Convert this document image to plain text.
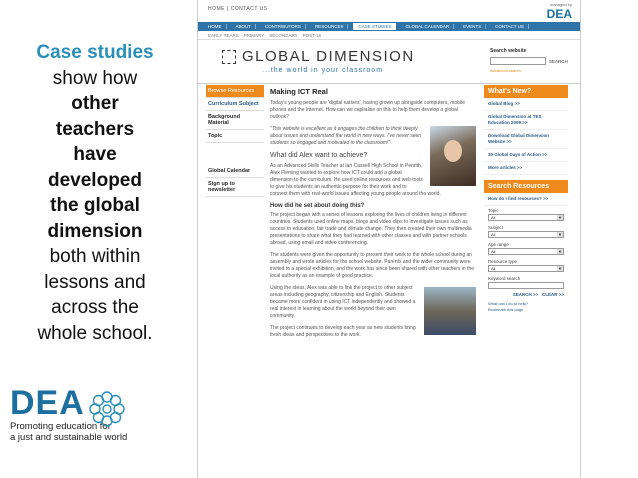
Case studies
show how
other
teachers
have
developed
the global
dimension
both within
lessons and
across the
whole school.
DEA
Promoting education for
a just and sustainable world
HOME | CONTACT US
managed by
DEA
HOME	ABOUT	CONTRIBUTORS	RESOURCES	CASE STUDIES	GLOBAL CALENDAR	EVENTS	CONTACT US
EARLY YEARS PRIMARY SECONDARY POST-16
GLOBAL DIMENSION
...the world in your classroom
Search website
SEARCH
Advanced search
Browse Resources
Curriculum Subject
Background Material
Topic
Global Calendar
Sign up to newsletter
Making ICT Real

Today's young people are 'digital natives', having grown up alongside computers, mobile phones and the Internet. How can we capitalise on this to help them develop a global outlook?

"This website is excellent as it engages the children to think deeply about issues and understand the world in new ways. I've never seen students so engaged and motivated in the classroom!"

What did Alex want to achieve?

As an Advanced Skills Teacher at Ian Cassell High School in Penrith, Alex Fleming wanted to explore how ICT could add a global dimension to the curriculum. He used online resources and web tools to give his students an authentic purpose for their work and to connect them with real-world issues affecting young people around the world.

How did he set about doing this?

The project began with a series of lessons exploring the lives of children living in different countries. Students used online maps, blogs and video clips to investigate issues such as access to education, fair trade and climate change. They then created their own multimedia presentations to share what they had learned with other classes and with partner schools abroad, using email and video conferencing.

The students were given the opportunity to present their work to the whole school during an assembly and wrote articles for the school website. Parents and the wider community were invited to a special exhibition, and the work has since been shared with other teachers in the local authority as an example of good practice.

Using the ideas, Alex was able to link the project to other subject areas including geography, citizenship and English. Students became more confident in using ICT independently and showed a real interest in learning about the world beyond their own community.

The project continues to develop each year as new students bring fresh ideas and perspectives to the work.

What's New?
Global Blog >>
Global Dimension at TES Education 2009 >>
Download Global Dimension Website >>
30 Global Days of Action >>
More articles >>
Search Resources
How do I find resources? >>
Topic
All	▼
Subject
All	▼
Age range
All	▼
Resource type
All	▼
Keyword search
SEARCH >> CLEAR >>
What can I do to help?
Bookmark this page
